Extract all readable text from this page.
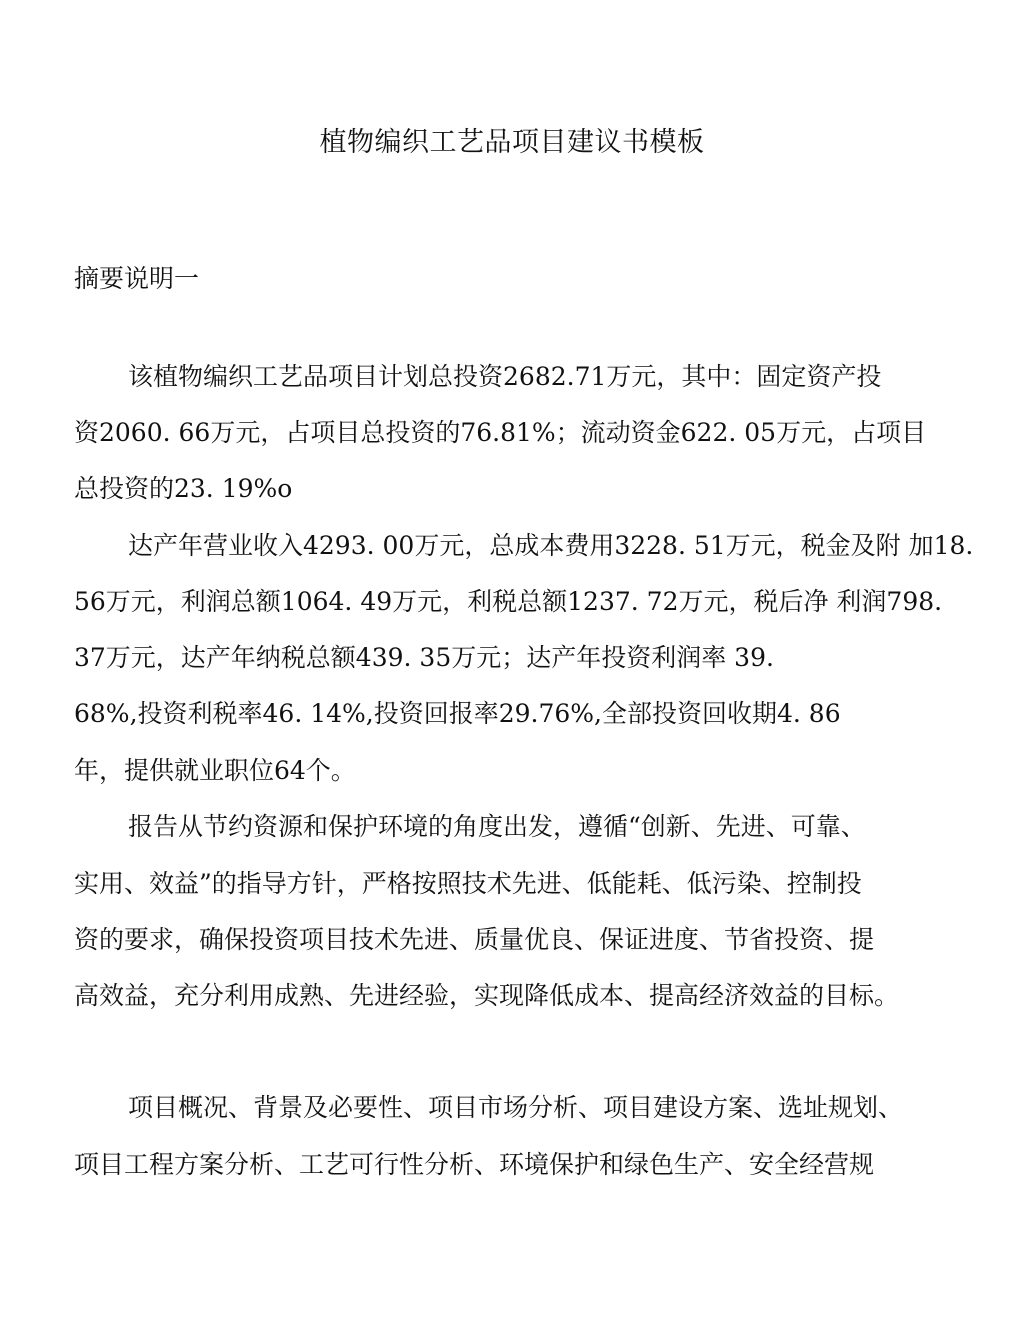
植物编织工艺品项目建议书模板
摘要说明一
该植物编织工艺品项目计划总投资2682.71万元，其中：固定资产投
资2060. 66万元，占项目总投资的76.81%；流动资金622. 05万元，占项目
总投资的23. 19%o
达产年营业收入4293. 00万元，总成本费用3228. 51万元，税金及附 加18.
56万元，利润总额1064. 49万元，利税总额1237. 72万元，税后净 利润798.
37万元，达产年纳税总额439. 35万元；达产年投资利润率 39.
68%,投资利税率46. 14%,投资回报率29.76%,全部投资回收期4. 86
年，提供就业职位64个。
报告从节约资源和保护环境的角度出发，遵循“创新、先进、可靠、
实用、效益”的指导方针，严格按照技术先进、低能耗、低污染、控制投
资的要求，确保投资项目技术先进、质量优良、保证进度、节省投资、提
高效益，充分利用成熟、先进经验，实现降低成本、提高经济效益的目标。
项目概况、背景及必要性、项目市场分析、项目建设方案、选址规划、
项目工程方案分析、工艺可行性分析、环境保护和绿色生产、安全经营规
